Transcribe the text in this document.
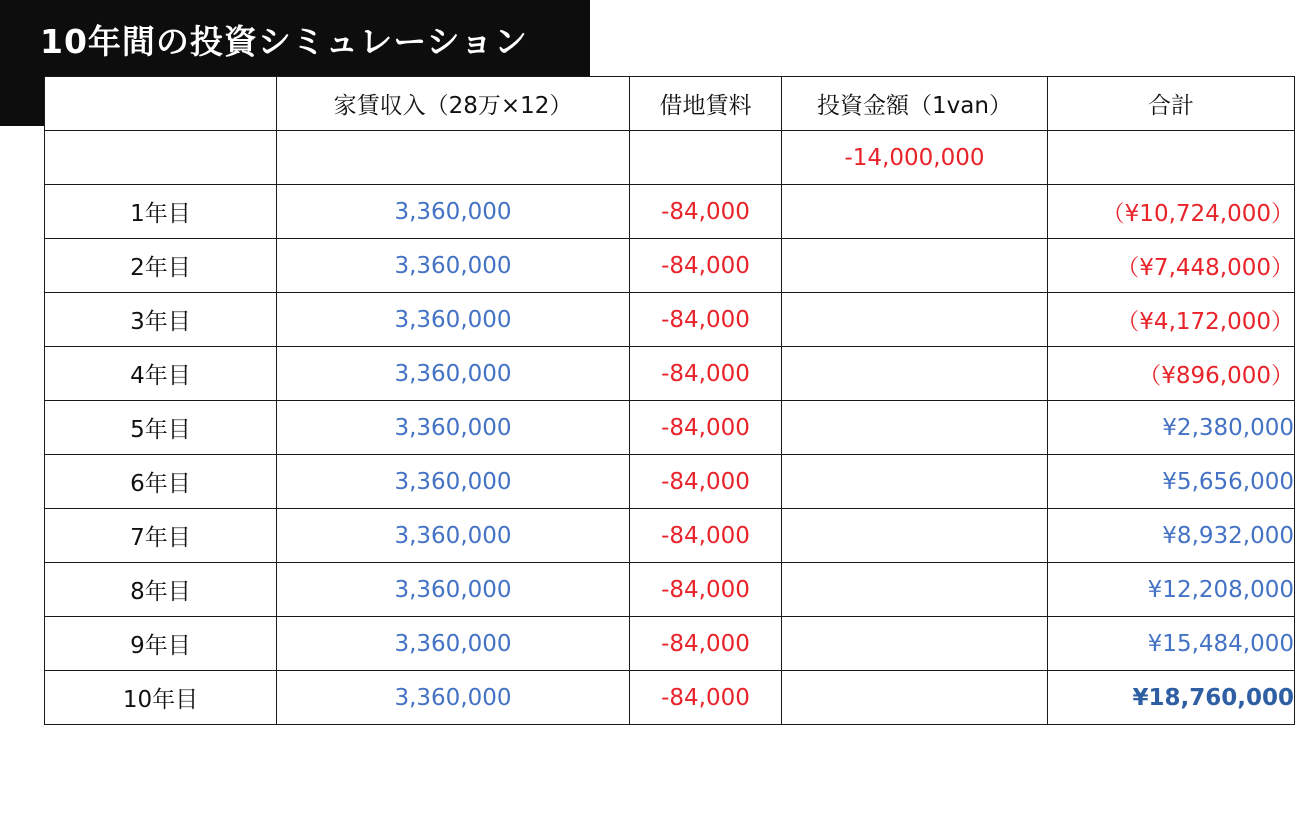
10年間の投資シミュレーション
	家賃収入（28万×12）	借地賃料	投資金額（1van）	合計
			-14,000,000	
1年目	3,360,000	-84,000		（¥10,724,000）
2年目	3,360,000	-84,000		（¥7,448,000）
3年目	3,360,000	-84,000		（¥4,172,000）
4年目	3,360,000	-84,000		（¥896,000）
5年目	3,360,000	-84,000		¥2,380,000
6年目	3,360,000	-84,000		¥5,656,000
7年目	3,360,000	-84,000		¥8,932,000
8年目	3,360,000	-84,000		¥12,208,000
9年目	3,360,000	-84,000		¥15,484,000
10年目	3,360,000	-84,000		¥18,760,000
